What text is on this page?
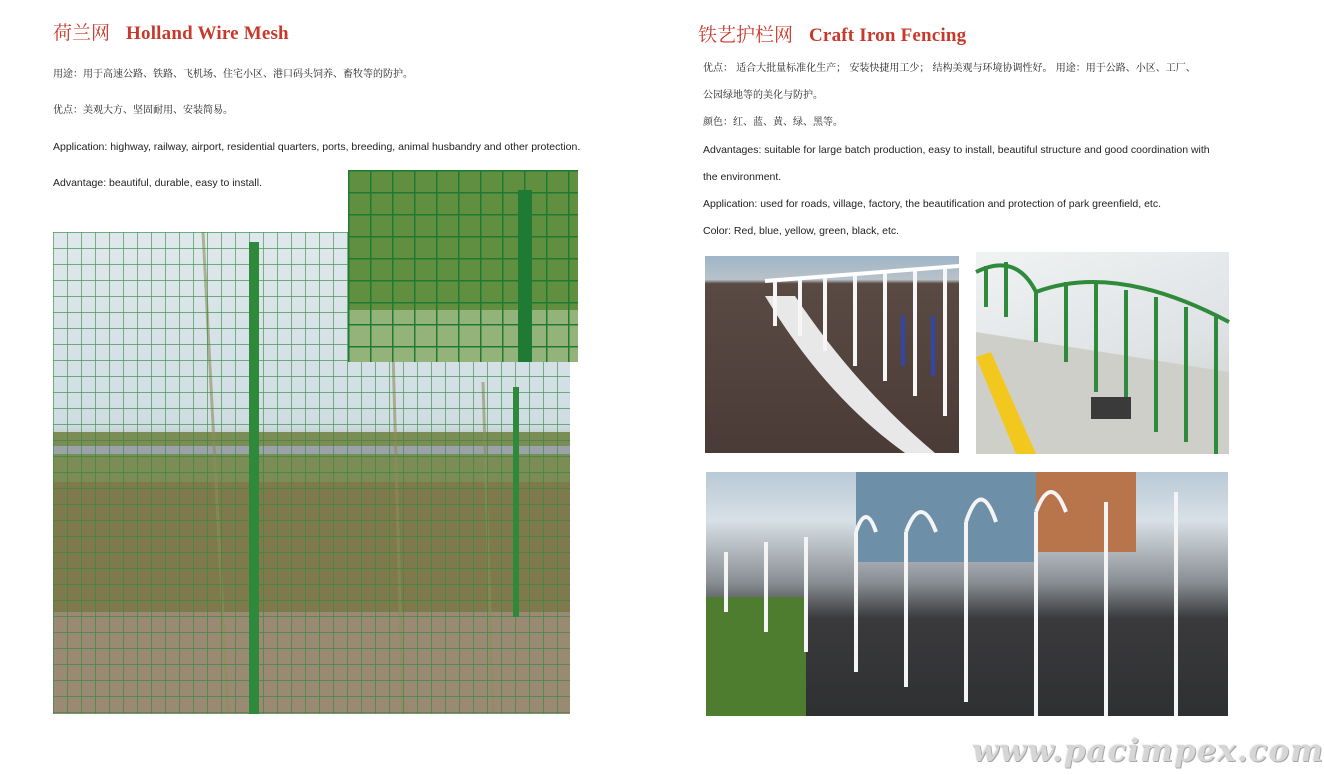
荷兰网 Holland Wire Mesh
用途：用于高速公路、铁路、飞机场、住宅小区、港口码头饲养、畜牧等的防护。
优点：美观大方、坚固耐用、安装简易。
Application: highway, railway, airport, residential quarters, ports, breeding, animal husbandry and other protection.
Advantage: beautiful, durable, easy to install.
铁艺护栏网 Craft Iron Fencing
优点： 适合大批量标准化生产； 安装快捷用工少； 结构美观与环境协调性好。 用途：用于公路、小区、工厂、
公园绿地等的美化与防护。
颜色：红、蓝、黄、绿、黑等。
Advantages: suitable for large batch production, easy to install, beautiful structure and good coordination with
the environment.
Application: used for roads, village, factory, the beautification and protection of park greenfield, etc.
Color: Red, blue, yellow, green, black, etc.
www.pacimpex.com
